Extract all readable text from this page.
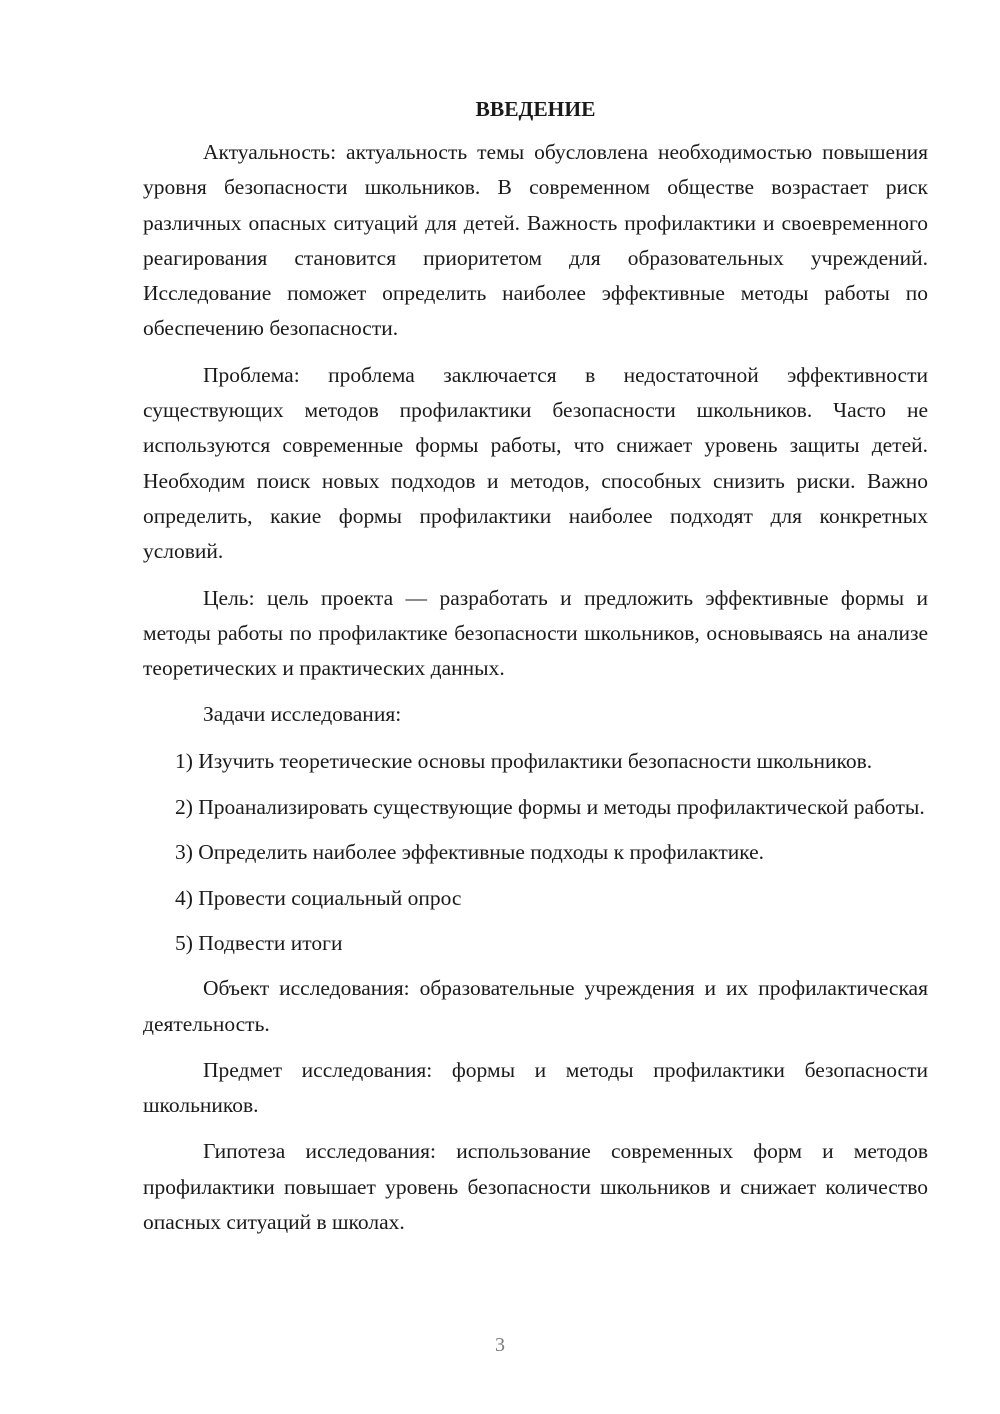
ВВЕДЕНИЕ

Актуальность: актуальность темы обусловлена необходимостью повышения уровня безопасности школьников. В современном обществе возрастает риск различных опасных ситуаций для детей. Важность профилактики и своевременного реагирования становится приоритетом для образовательных учреждений. Исследование поможет определить наиболее эффективные методы работы по обеспечению безопасности.

Проблема: проблема заключается в недостаточной эффективности существующих методов профилактики безопасности школьников. Часто не используются современные формы работы, что снижает уровень защиты детей. Необходим поиск новых подходов и методов, способных снизить риски. Важно определить, какие формы профилактики наиболее подходят для конкретных условий.

Цель: цель проекта — разработать и предложить эффективные формы и методы работы по профилактике безопасности школьников, основываясь на анализе теоретических и практических данных.

Задачи исследования:

1) Изучить теоретические основы профилактики безопасности школьников.

2) Проанализировать существующие формы и методы профилактической работы.

3) Определить наиболее эффективные подходы к профилактике.

4) Провести социальный опрос

5) Подвести итоги

Объект исследования: образовательные учреждения и их профилактическая деятельность.

Предмет исследования: формы и методы профилактики безопасности школьников.

Гипотеза исследования: использование современных форм и методов профилактики повышает уровень безопасности школьников и снижает количество опасных ситуаций в школах.

3
